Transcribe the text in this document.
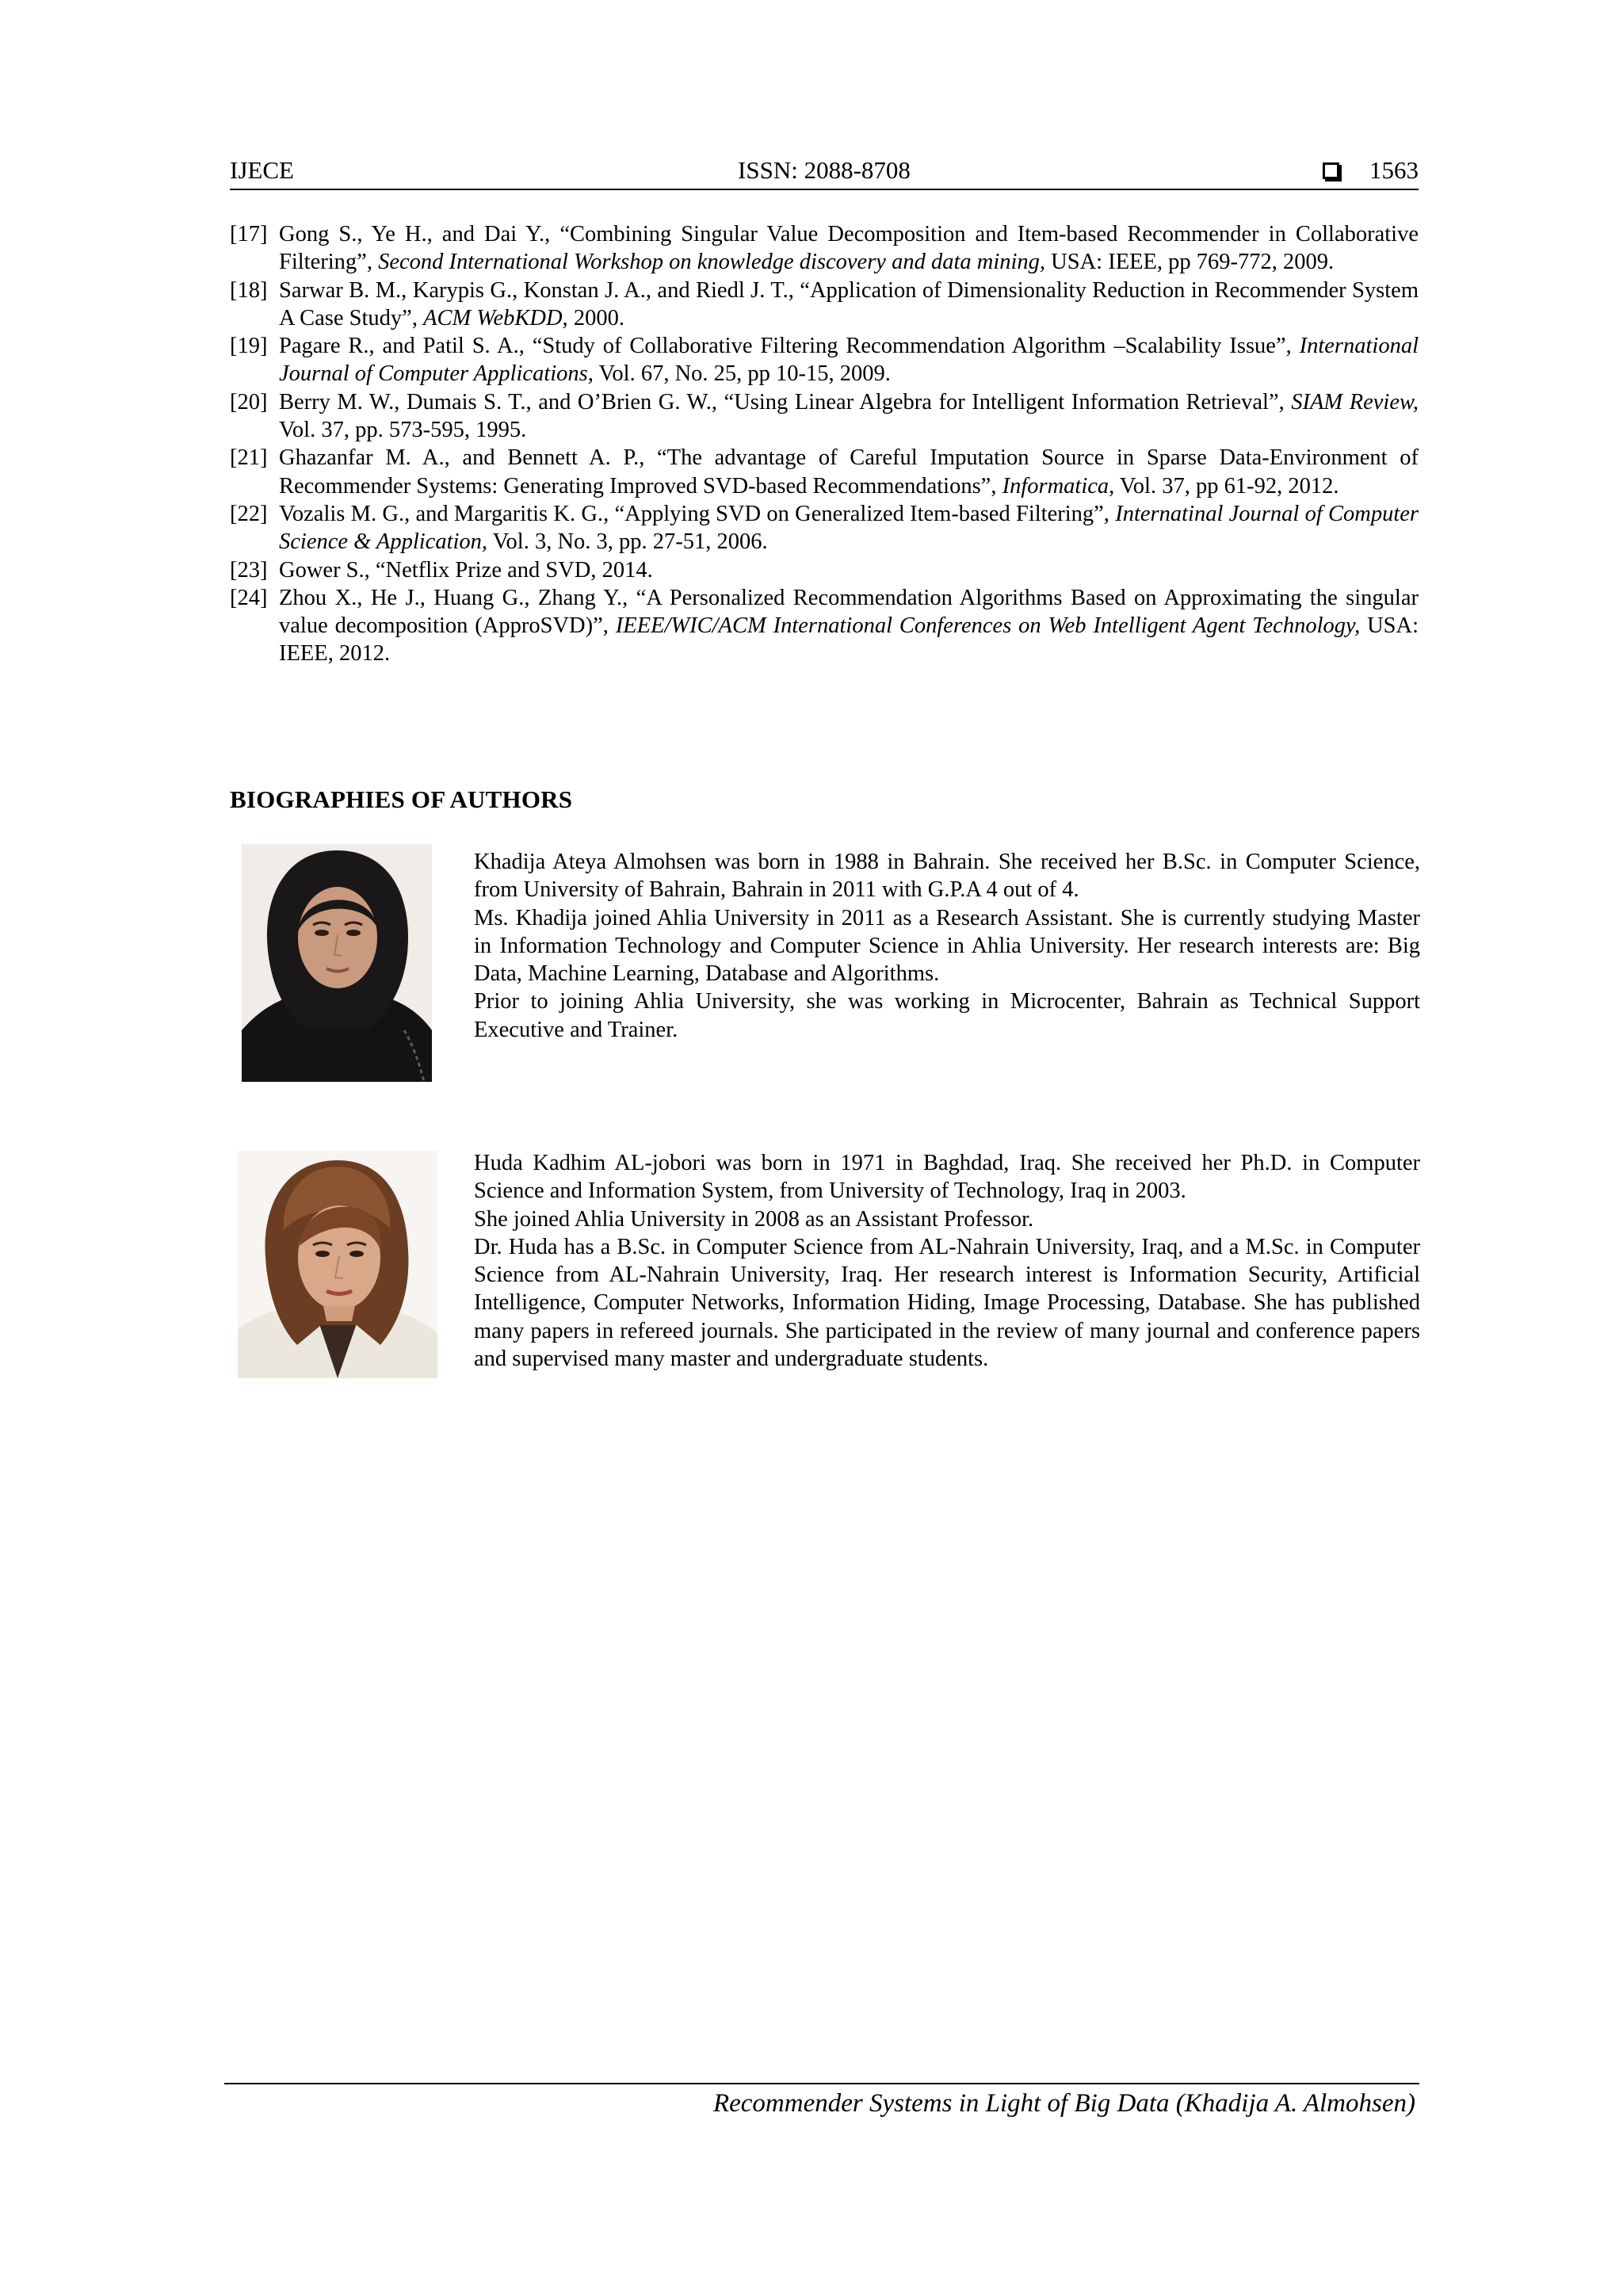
IJECE	ISSN: 2088-8708	1563
[17] Gong S., Ye H., and Dai Y., “Combining Singular Value Decomposition and Item-based Recommender in Collaborative Filtering”, Second International Workshop on knowledge discovery and data mining, USA: IEEE, pp 769-772, 2009.
[18] Sarwar B. M., Karypis G., Konstan J. A., and Riedl J. T., “Application of Dimensionality Reduction in Recommender System A Case Study”, ACM WebKDD, 2000.
[19] Pagare R., and Patil S. A., “Study of Collaborative Filtering Recommendation Algorithm –Scalability Issue”, International Journal of Computer Applications, Vol. 67, No. 25, pp 10-15, 2009.
[20] Berry M. W., Dumais S. T., and O’Brien G. W., “Using Linear Algebra for Intelligent Information Retrieval”, SIAM Review, Vol. 37, pp. 573-595, 1995.
[21] Ghazanfar M. A., and Bennett A. P., “The advantage of Careful Imputation Source in Sparse Data-Environment of Recommender Systems: Generating Improved SVD-based Recommendations”, Informatica, Vol. 37, pp 61-92, 2012.
[22] Vozalis M. G., and Margaritis K. G., “Applying SVD on Generalized Item-based Filtering”, Internatinal Journal of Computer Science & Application, Vol. 3, No. 3, pp. 27-51, 2006.
[23] Gower S., “Netflix Prize and SVD, 2014.
[24] Zhou X., He J., Huang G., Zhang Y., “A Personalized Recommendation Algorithms Based on Approximating the singular value decomposition (ApproSVD)”, IEEE/WIC/ACM International Conferences on Web Intelligent Agent Technology, USA: IEEE, 2012.
BIOGRAPHIES OF AUTHORS

Khadija Ateya Almohsen was born in 1988 in Bahrain. She received her B.Sc. in Computer Science, from University of Bahrain, Bahrain in 2011 with G.P.A 4 out of 4.

Ms. Khadija joined Ahlia University in 2011 as a Research Assistant. She is currently studying Master in Information Technology and Computer Science in Ahlia University. Her research interests are: Big Data, Machine Learning, Database and Algorithms.

Prior to joining Ahlia University, she was working in Microcenter, Bahrain as Technical Support Executive and Trainer.

Huda Kadhim AL-jobori was born in 1971 in Baghdad, Iraq. She received her Ph.D. in Computer Science and Information System, from University of Technology, Iraq in 2003.

She joined Ahlia University in 2008 as an Assistant Professor.

Dr. Huda has a B.Sc. in Computer Science from AL-Nahrain University, Iraq, and a M.Sc. in Computer Science from AL-Nahrain University, Iraq. Her research interest is Information Security, Artificial Intelligence, Computer Networks, Information Hiding, Image Processing, Database. She has published many papers in refereed journals. She participated in the review of many journal and conference papers and supervised many master and undergraduate students.

Recommender Systems in Light of Big Data (Khadija A. Almohsen)
